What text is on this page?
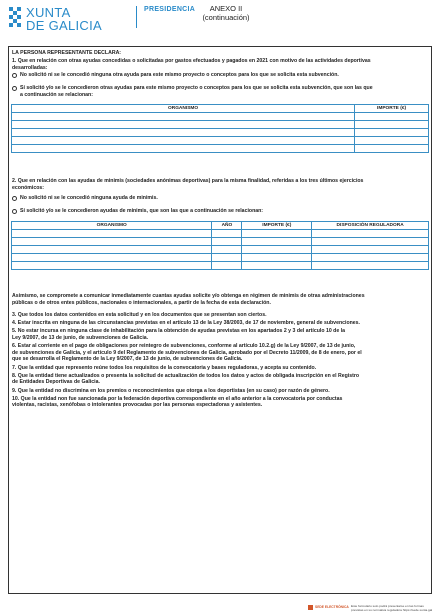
XUNTA
DE GALICIA
PRESIDENCIA	ANEXO II
(continuación)
LA PERSONA REPRESENTANTE DECLARA:
1. Que en relación con otras ayudas concedidas o solicitadas por gastos efectuados y pagados en 2021 con motivo de las actividades deportivas
desarrolladas:
No solicitó ni se le concedió ninguna otra ayuda para este mismo proyecto o conceptos para los que se solicita esta subvención.
Sí solicitó y/o se le concedieron otras ayudas para este mismo proyecto o conceptos para los que se solicita esta subvención, que son las que
a continuación se relacionan:
ORGANISMO	IMPORTE (€)

2. Que en relación con las ayudas de minimis (sociedades anónimas deportivas) para la misma finalidad, referidas a los tres últimos ejercicios
económicos:
No solicitó ni se le concedió ninguna ayuda de minimis.
Sí solicitó y/o se le concedieron ayudas de minimis, que son las que a continuación se relacionan:
ORGANISMO	AÑO	IMPORTE (€)	DISPOSICIÓN REGULADORA

Asimismo, se compromete a comunicar inmediatamente cuantas ayudas solicite y/o obtenga en régimen de minimis de otras administraciones
públicas o de otros entes públicos, nacionales o internacionales, a partir de la fecha de esta declaración.
3. Que todos los datos contenidos en esta solicitud y en los documentos que se presentan son ciertos.
4. Estar inscrita en ninguna de las circunstancias previstas en el artículo 13 de la Ley 38/2003, de 17 de noviembre, general de subvenciones.
5. No estar incursa en ninguna clase de inhabilitación para la obtención de ayudas previstas en los apartados 2 y 3 del artículo 10 de la
Ley 9/2007, de 13 de junio, de subvenciones de Galicia.
6. Estar al corriente en el pago de obligaciones por reintegro de subvenciones, conforme al artículo 10.2.g) de la Ley 9/2007, de 13 de junio,
de subvenciones de Galicia, y el artículo 9 del Reglamento de subvenciones de Galicia, aprobado por el Decreto 11/2009, de 8 de enero, por el
que se desarrolla el Reglamento de la Ley 9/2007, de 13 de junio, de subvenciones de Galicia.
7. Que la entidad que represento reúne todos los requisitos de la convocatoria y bases reguladoras, y acepta su contenido.
8. Que la entidad tiene actualizados o presenta la solicitud de actualización de todos los datos y actos de obligada inscripción en el Registro
de Entidades Deportivas de Galicia.
9. Que la entidad no discrimina en los premios o reconocimientos que otorga a los deportistas (en su caso) por razón de género.
10. Que la entidad non fue sancionada por la federación deportiva correspondiente en el año anterior a la convocatoria por conductas
violentas, racistas, xenófobas o intolerantes provocadas por las personas espectadoras y asistentes.
SEDE ELECTRÓNICA Este formulario solo podrá presentarse en las formas previstas en su normativa reguladora https://sede.xunta.gal
